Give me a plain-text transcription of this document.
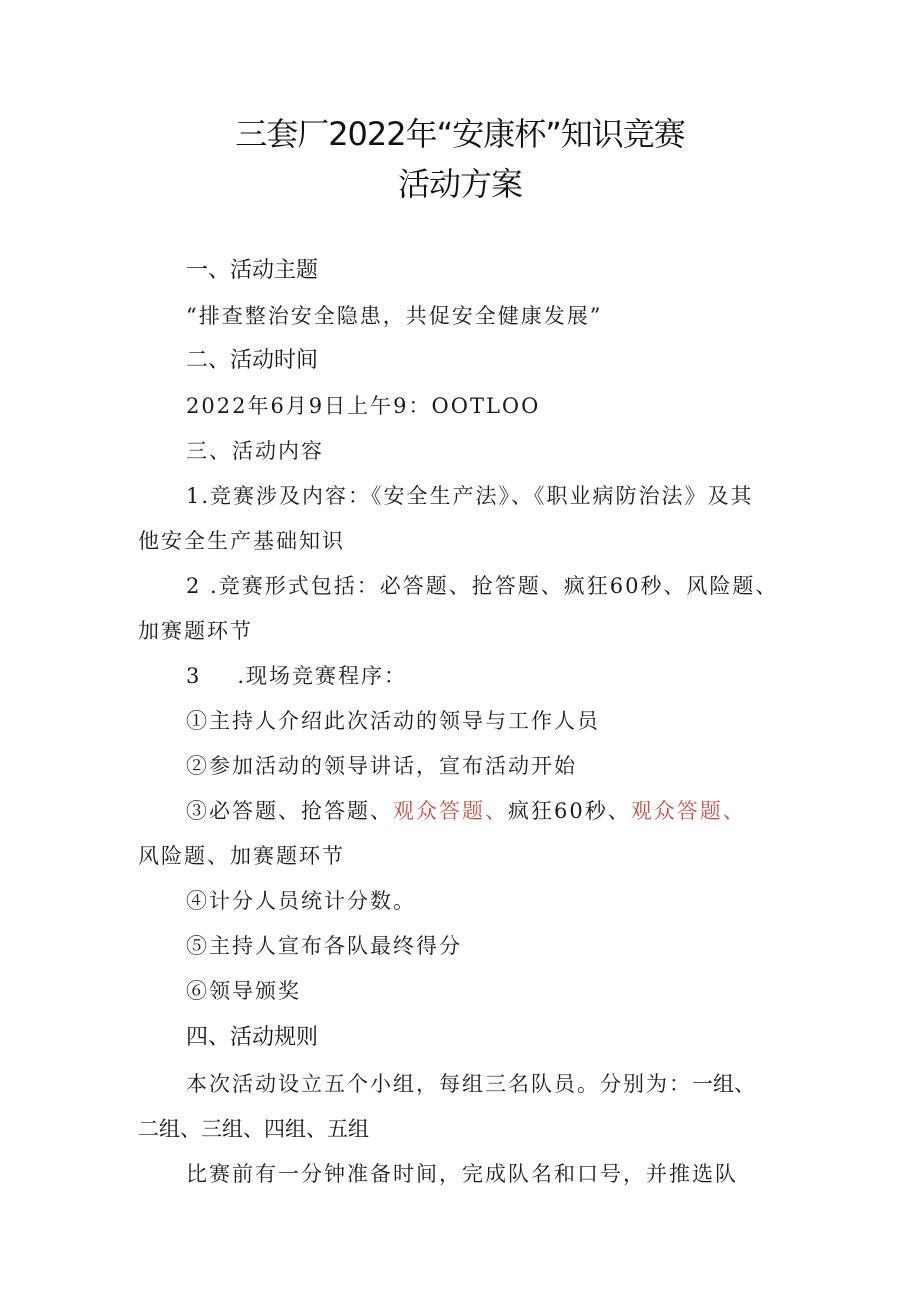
三套厂2022年“安康杯”知识竞赛
活动方案
一、活动主题
“排查整治安全隐患，共促安全健康发展”
二、活动时间
2022年6月9日上午9：OOTLOO
三、活动内容
1.竞赛涉及内容：《安全生产法》、《职业病防治法》及其
他安全生产基础知识
2 .竞赛形式包括：必答题、抢答题、疯狂60秒、风险题、
加赛题环节
3 .现场竞赛程序：
①主持人介绍此次活动的领导与工作人员
②参加活动的领导讲话，宣布活动开始
③必答题、抢答题、观众答题、疯狂60秒、观众答题、
风险题、加赛题环节
④计分人员统计分数。
⑤主持人宣布各队最终得分
⑥领导颁奖
四、活动规则
本次活动设立五个小组，每组三名队员。分别为：一组、
二组、三组、四组、五组
比赛前有一分钟准备时间，完成队名和口号，并推选队
